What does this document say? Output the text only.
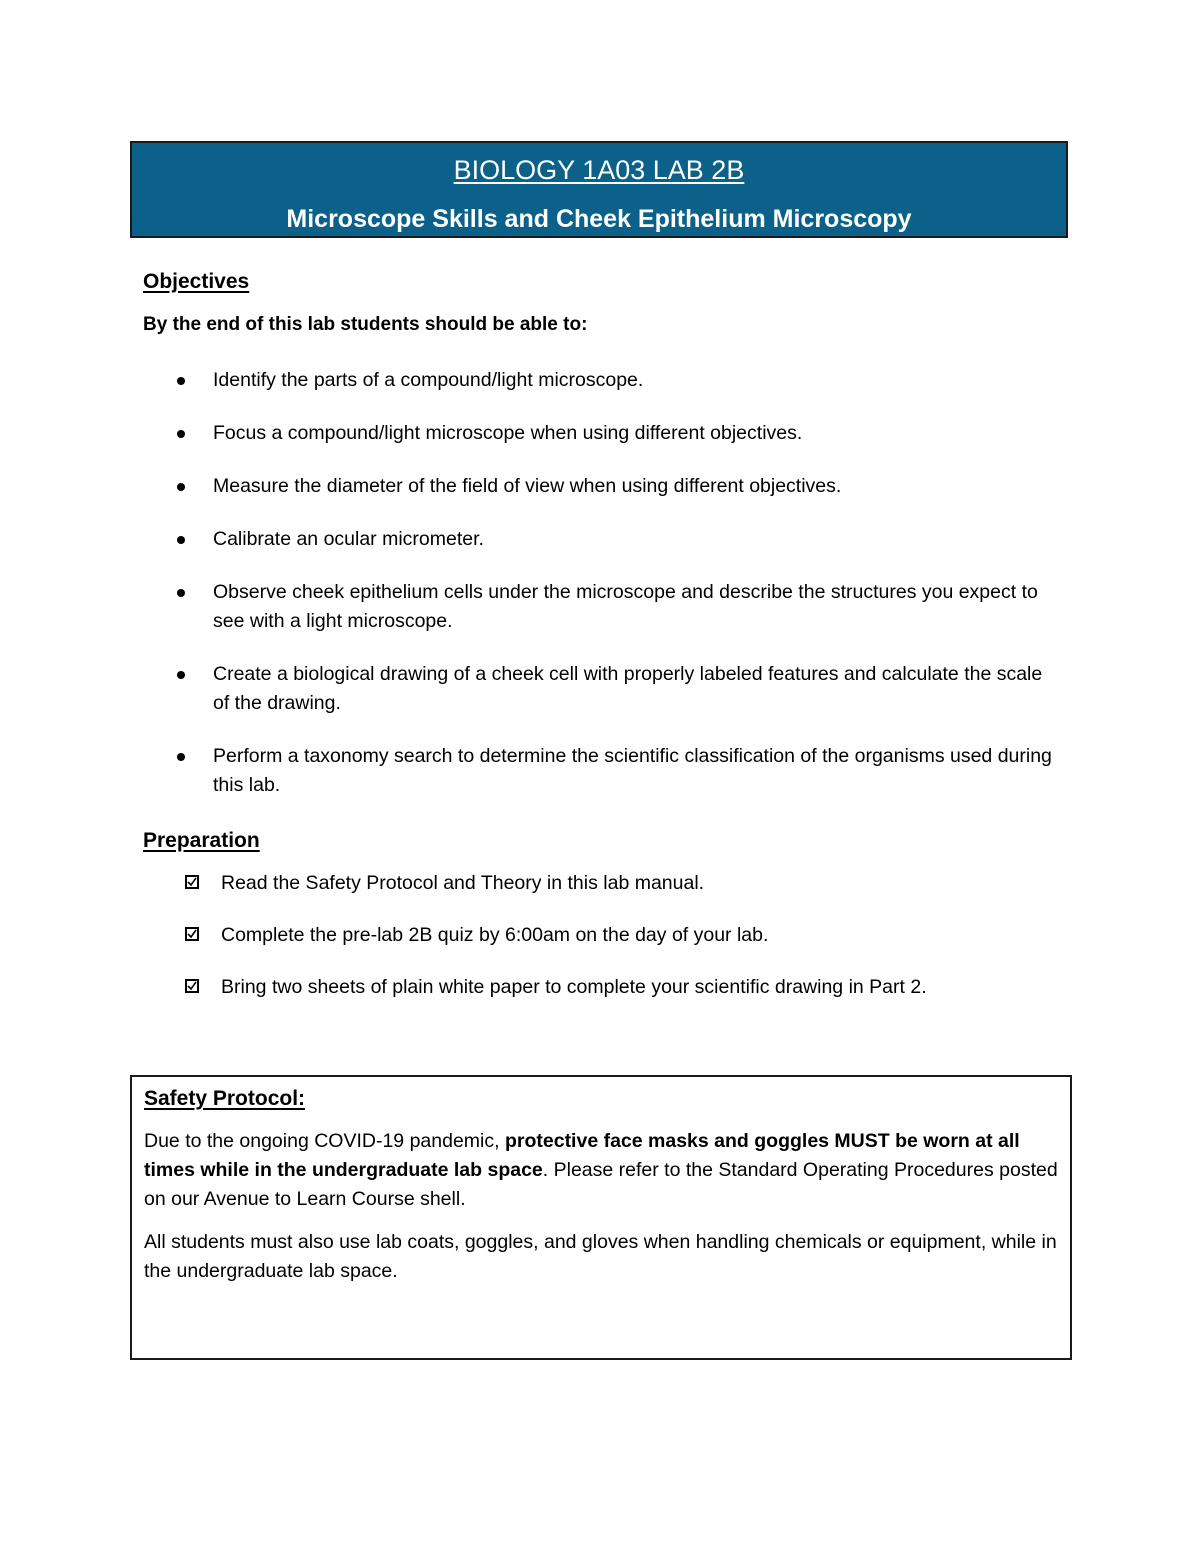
BIOLOGY 1A03 LAB 2B
Microscope Skills and Cheek Epithelium Microscopy
Objectives
By the end of this lab students should be able to:
Identify the parts of a compound/light microscope.
Focus a compound/light microscope when using different objectives.
Measure the diameter of the field of view when using different objectives.
Calibrate an ocular micrometer.
Observe cheek epithelium cells under the microscope and describe the structures you expect to see with a light microscope.
Create a biological drawing of a cheek cell with properly labeled features and calculate the scale of the drawing.
Perform a taxonomy search to determine the scientific classification of the organisms used during this lab.
Preparation
Read the Safety Protocol and Theory in this lab manual.
Complete the pre-lab 2B quiz by 6:00am on the day of your lab.
Bring two sheets of plain white paper to complete your scientific drawing in Part 2.
Safety Protocol:

Due to the ongoing COVID-19 pandemic, protective face masks and goggles MUST be worn at all times while in the undergraduate lab space. Please refer to the Standard Operating Procedures posted on our Avenue to Learn Course shell.

All students must also use lab coats, goggles, and gloves when handling chemicals or equipment, while in the undergraduate lab space.
